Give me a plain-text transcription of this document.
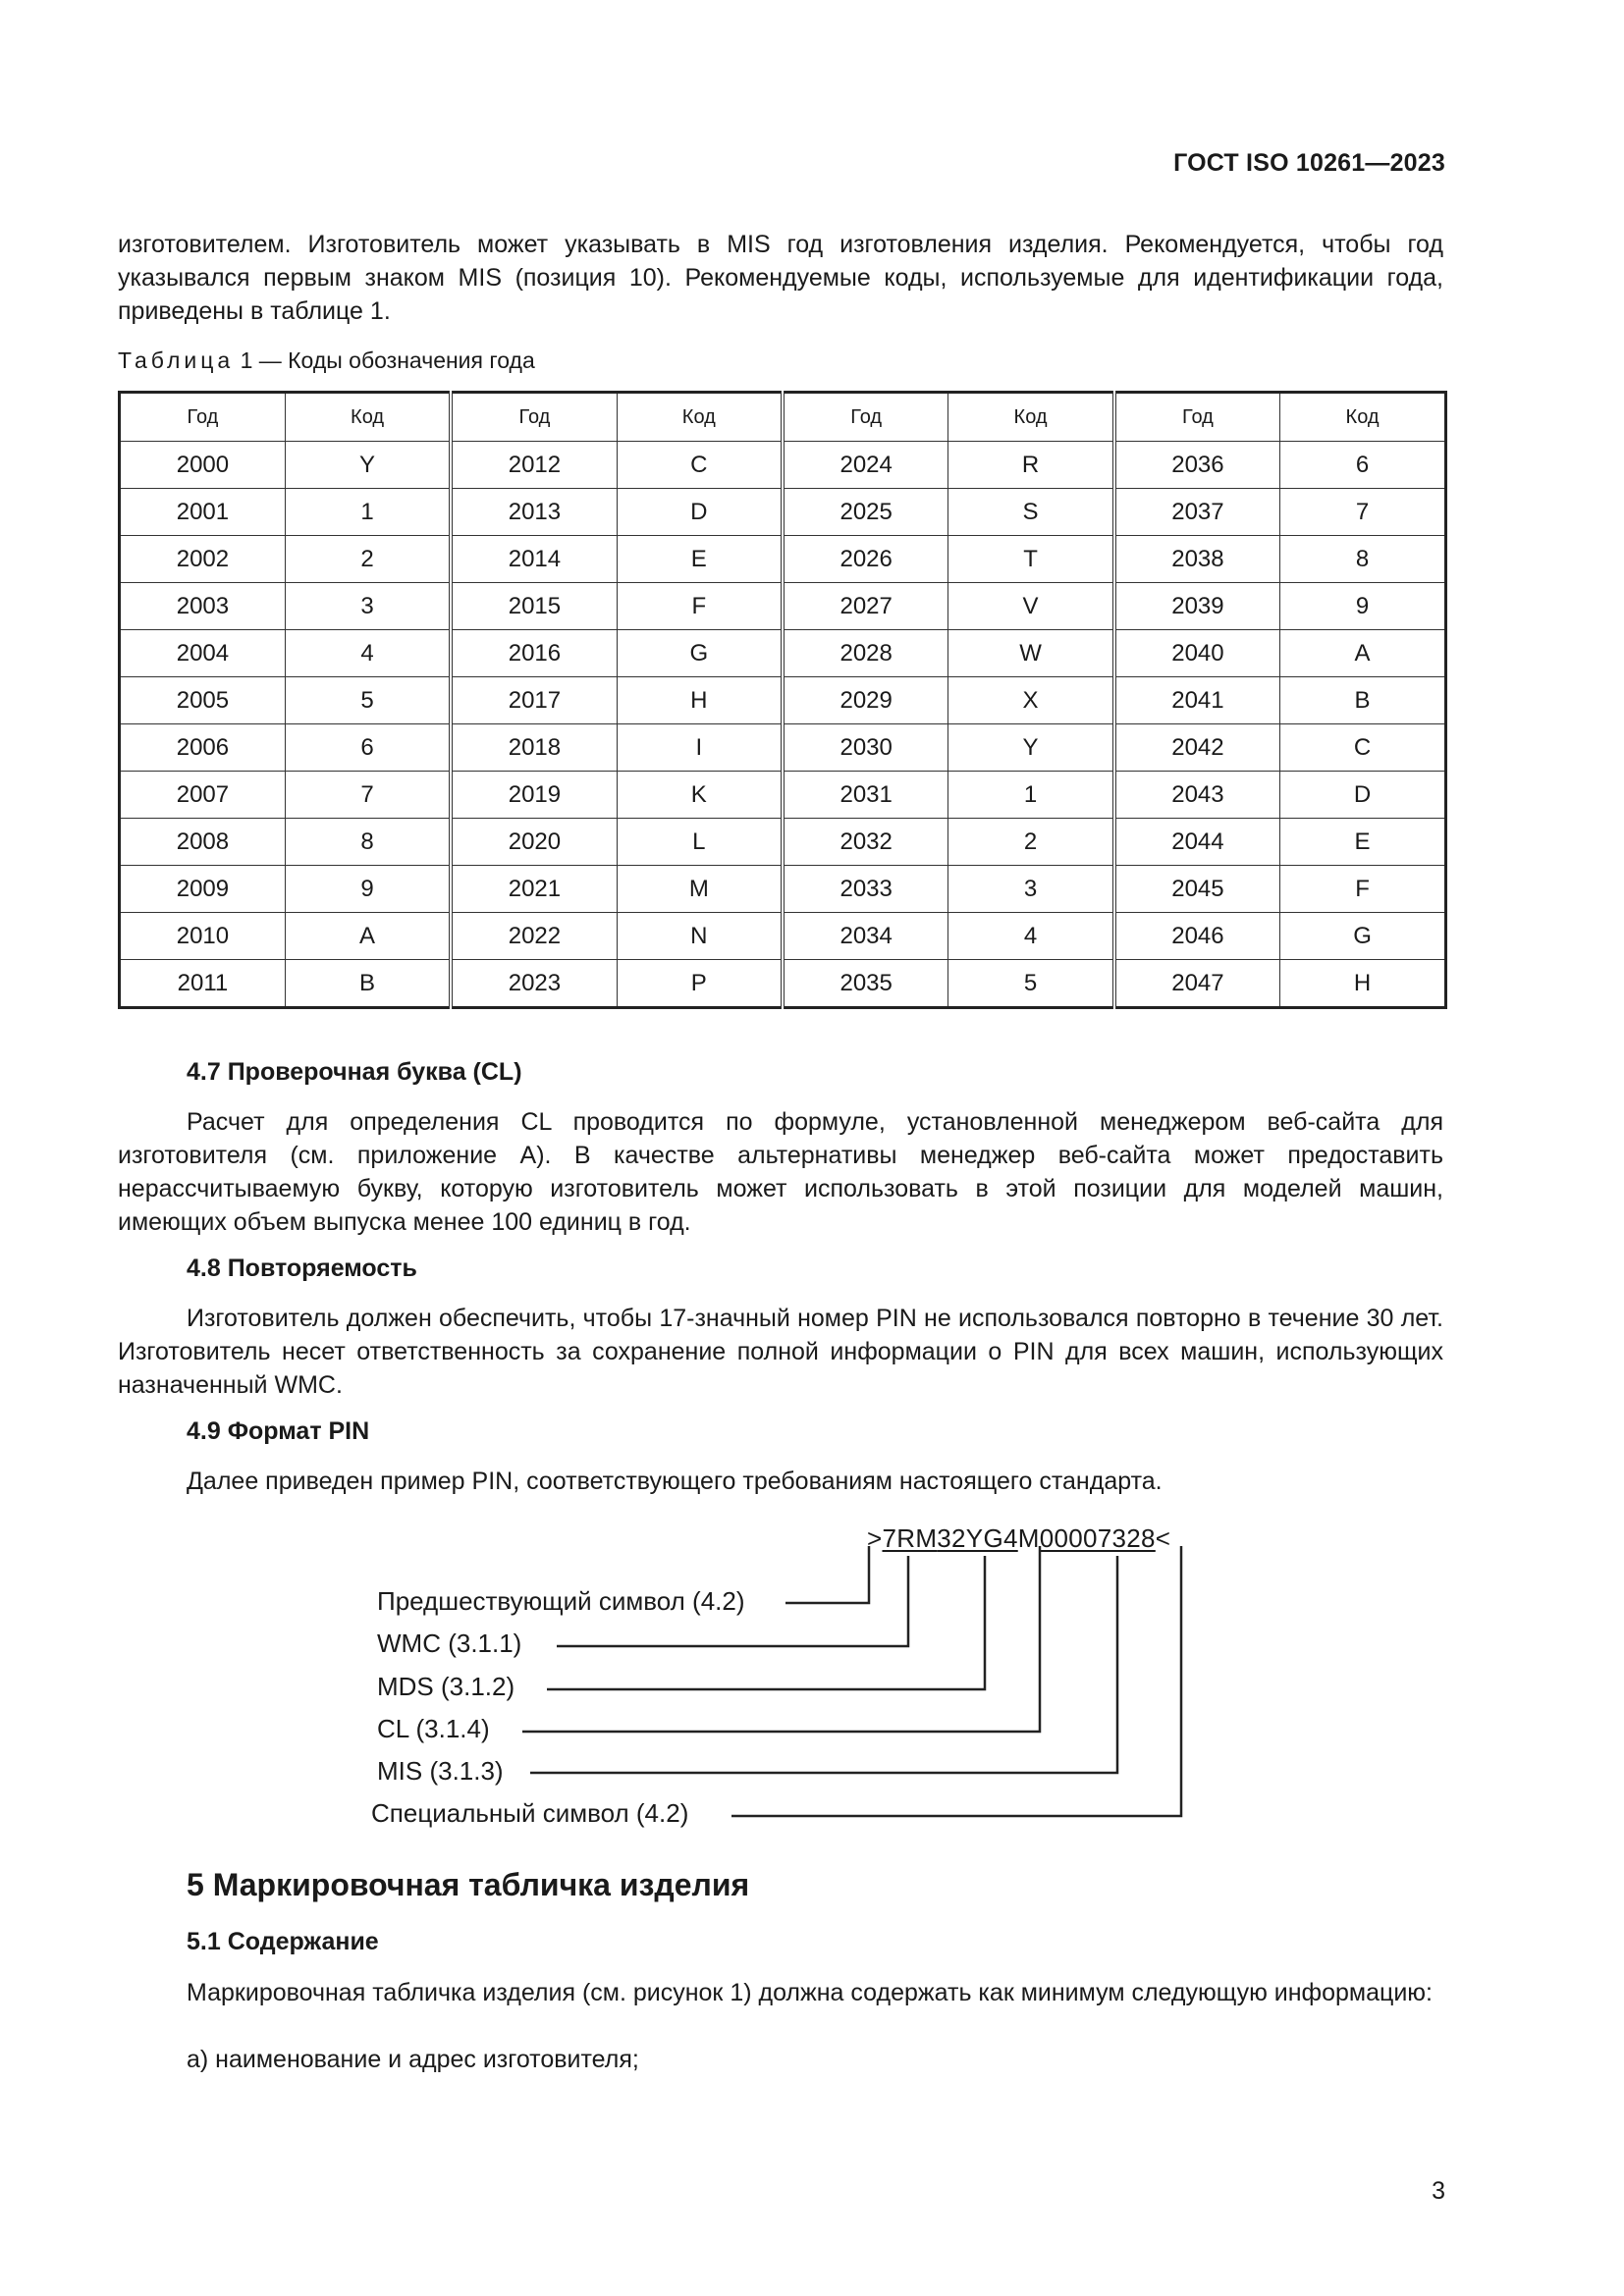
ГОСТ ISO 10261—2023
изготовителем. Изготовитель может указывать в MIS год изготовления изделия. Рекомендуется, чтобы год указывался первым знаком MIS (позиция 10). Рекомендуемые коды, используемые для идентификации года, приведены в таблице 1.
Таблица 1 — Коды обозначения года
Год	Код	Год	Код	Год	Код	Год	Код
2000	Y	2012	C	2024	R	2036	6
2001	1	2013	D	2025	S	2037	7
2002	2	2014	E	2026	T	2038	8
2003	3	2015	F	2027	V	2039	9
2004	4	2016	G	2028	W	2040	A
2005	5	2017	H	2029	X	2041	B
2006	6	2018	I	2030	Y	2042	C
2007	7	2019	K	2031	1	2043	D
2008	8	2020	L	2032	2	2044	E
2009	9	2021	M	2033	3	2045	F
2010	A	2022	N	2034	4	2046	G
2011	B	2023	P	2035	5	2047	H
4.7 Проверочная буква (CL)
Расчет для определения CL проводится по формуле, установленной менеджером веб-сайта для изготовителя (см. приложение А). В качестве альтернативы менеджер веб-сайта может предоставить нерассчитываемую букву, которую изготовитель может использовать в этой позиции для моделей машин, имеющих объем выпуска менее 100 единиц в год.
4.8 Повторяемость
Изготовитель должен обеспечить, чтобы 17-значный номер PIN не использовался повторно в течение 30 лет. Изготовитель несет ответственность за сохранение полной информации о PIN для всех машин, использующих назначенный WMC.
4.9 Формат PIN
Далее приведен пример PIN, соответствующего требованиям настоящего стандарта.
>7RM32YG4M00007328<
Предшествующий символ (4.2)
WMC (3.1.1)
MDS (3.1.2)
CL (3.1.4)
MIS (3.1.3)
Специальный символ (4.2)
5 Маркировочная табличка изделия
5.1 Содержание
Маркировочная табличка изделия (см. рисунок 1) должна содержать как минимум следующую информацию:
а) наименование и адрес изготовителя;
3
